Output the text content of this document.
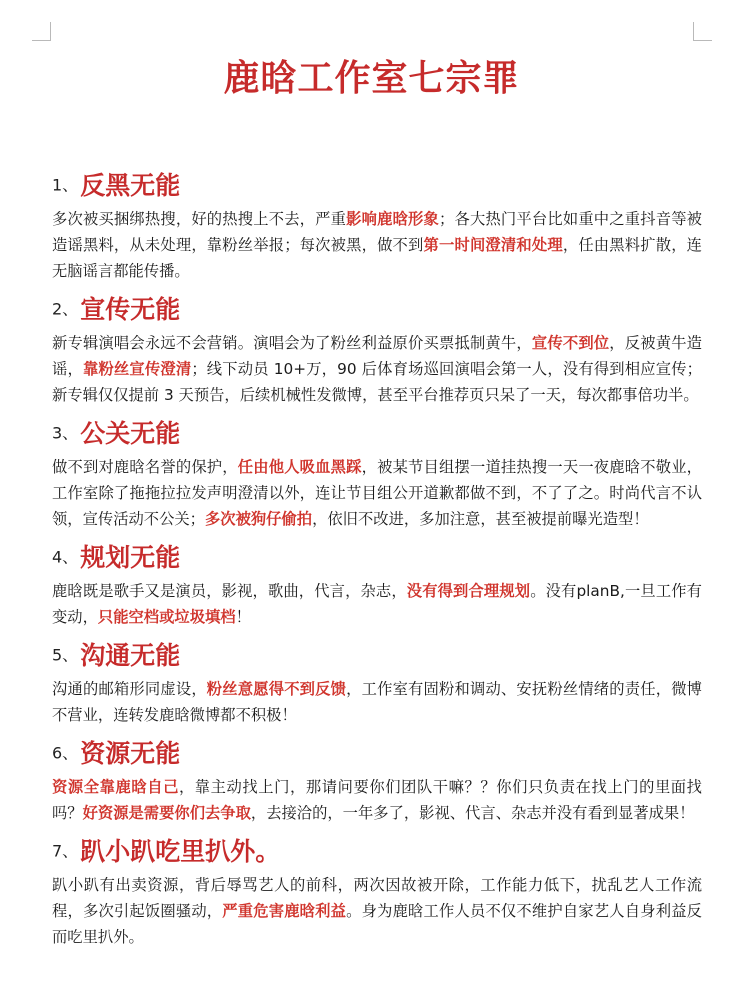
鹿晗工作室七宗罪
1、反黑无能

多次被买捆绑热搜，好的热搜上不去，严重影响鹿晗形象；各大热门平台比如重中之重抖音等被造谣黑料，从未处理，靠粉丝举报；每次被黑，做不到第一时间澄清和处理，任由黑料扩散，连无脑谣言都能传播。

2、宣传无能

新专辑演唱会永远不会营销。演唱会为了粉丝利益原价买票抵制黄牛，宣传不到位，反被黄牛造谣，靠粉丝宣传澄清；线下动员 10+万，90 后体育场巡回演唱会第一人，没有得到相应宣传；新专辑仅仅提前 3 天预告，后续机械性发微博，甚至平台推荐页只呆了一天，每次都事倍功半。

3、公关无能

做不到对鹿晗名誉的保护，任由他人吸血黑踩，被某节目组摆一道挂热搜一天一夜鹿晗不敬业，工作室除了拖拖拉拉发声明澄清以外，连让节目组公开道歉都做不到，不了了之。时尚代言不认领，宣传活动不公关；多次被狗仔偷拍，依旧不改进，多加注意，甚至被提前曝光造型！

4、规划无能

鹿晗既是歌手又是演员，影视，歌曲，代言，杂志，没有得到合理规划。没有planB,一旦工作有变动，只能空档或垃圾填档！

5、沟通无能

沟通的邮箱形同虚设，粉丝意愿得不到反馈，工作室有固粉和调动、安抚粉丝情绪的责任，微博不营业，连转发鹿晗微博都不积极！

6、资源无能

资源全靠鹿晗自己，靠主动找上门，那请问要你们团队干嘛？？你们只负责在找上门的里面找吗？好资源是需要你们去争取，去接洽的，一年多了，影视、代言、杂志并没有看到显著成果！

7、趴小趴吃里扒外。

趴小趴有出卖资源，背后辱骂艺人的前科，两次因故被开除，工作能力低下，扰乱艺人工作流程，多次引起饭圈骚动，严重危害鹿晗利益。身为鹿晗工作人员不仅不维护自家艺人自身利益反而吃里扒外。
